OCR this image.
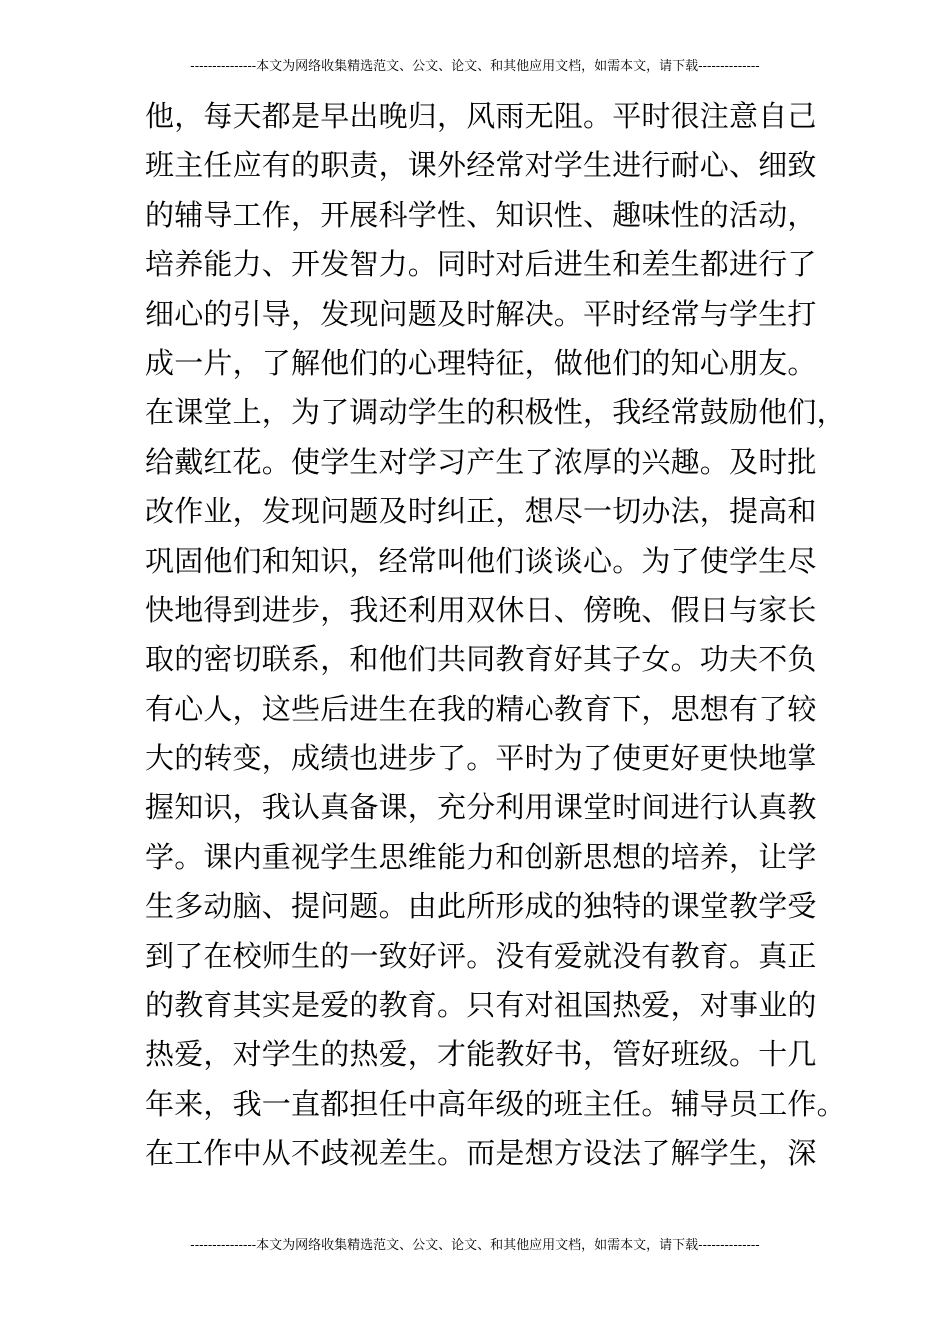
---------------本文为网络收集精选范文、公文、论文、和其他应用文档，如需本文，请下载--------------
他，每天都是早出晚归，风雨无阻。平时很注意自己
班主任应有的职责，课外经常对学生进行耐心、细致
的辅导工作，开展科学性、知识性、趣味性的活动，
培养能力、开发智力。同时对后进生和差生都进行了
细心的引导，发现问题及时解决。平时经常与学生打
成一片，了解他们的心理特征，做他们的知心朋友。
在课堂上，为了调动学生的积极性，我经常鼓励他们，
给戴红花。使学生对学习产生了浓厚的兴趣。及时批
改作业，发现问题及时纠正，想尽一切办法，提高和
巩固他们和知识，经常叫他们谈谈心。为了使学生尽
快地得到进步，我还利用双休日、傍晚、假日与家长
取的密切联系，和他们共同教育好其子女。功夫不负
有心人，这些后进生在我的精心教育下，思想有了较
大的转变，成绩也进步了。平时为了使更好更快地掌
握知识，我认真备课，充分利用课堂时间进行认真教
学。课内重视学生思维能力和创新思想的培养，让学
生多动脑、提问题。由此所形成的独特的课堂教学受
到了在校师生的一致好评。没有爱就没有教育。真正
的教育其实是爱的教育。只有对祖国热爱，对事业的
热爱，对学生的热爱，才能教好书，管好班级。十几
年来，我一直都担任中高年级的班主任。辅导员工作。
在工作中从不歧视差生。而是想方设法了解学生，深
---------------本文为网络收集精选范文、公文、论文、和其他应用文档，如需本文，请下载--------------
